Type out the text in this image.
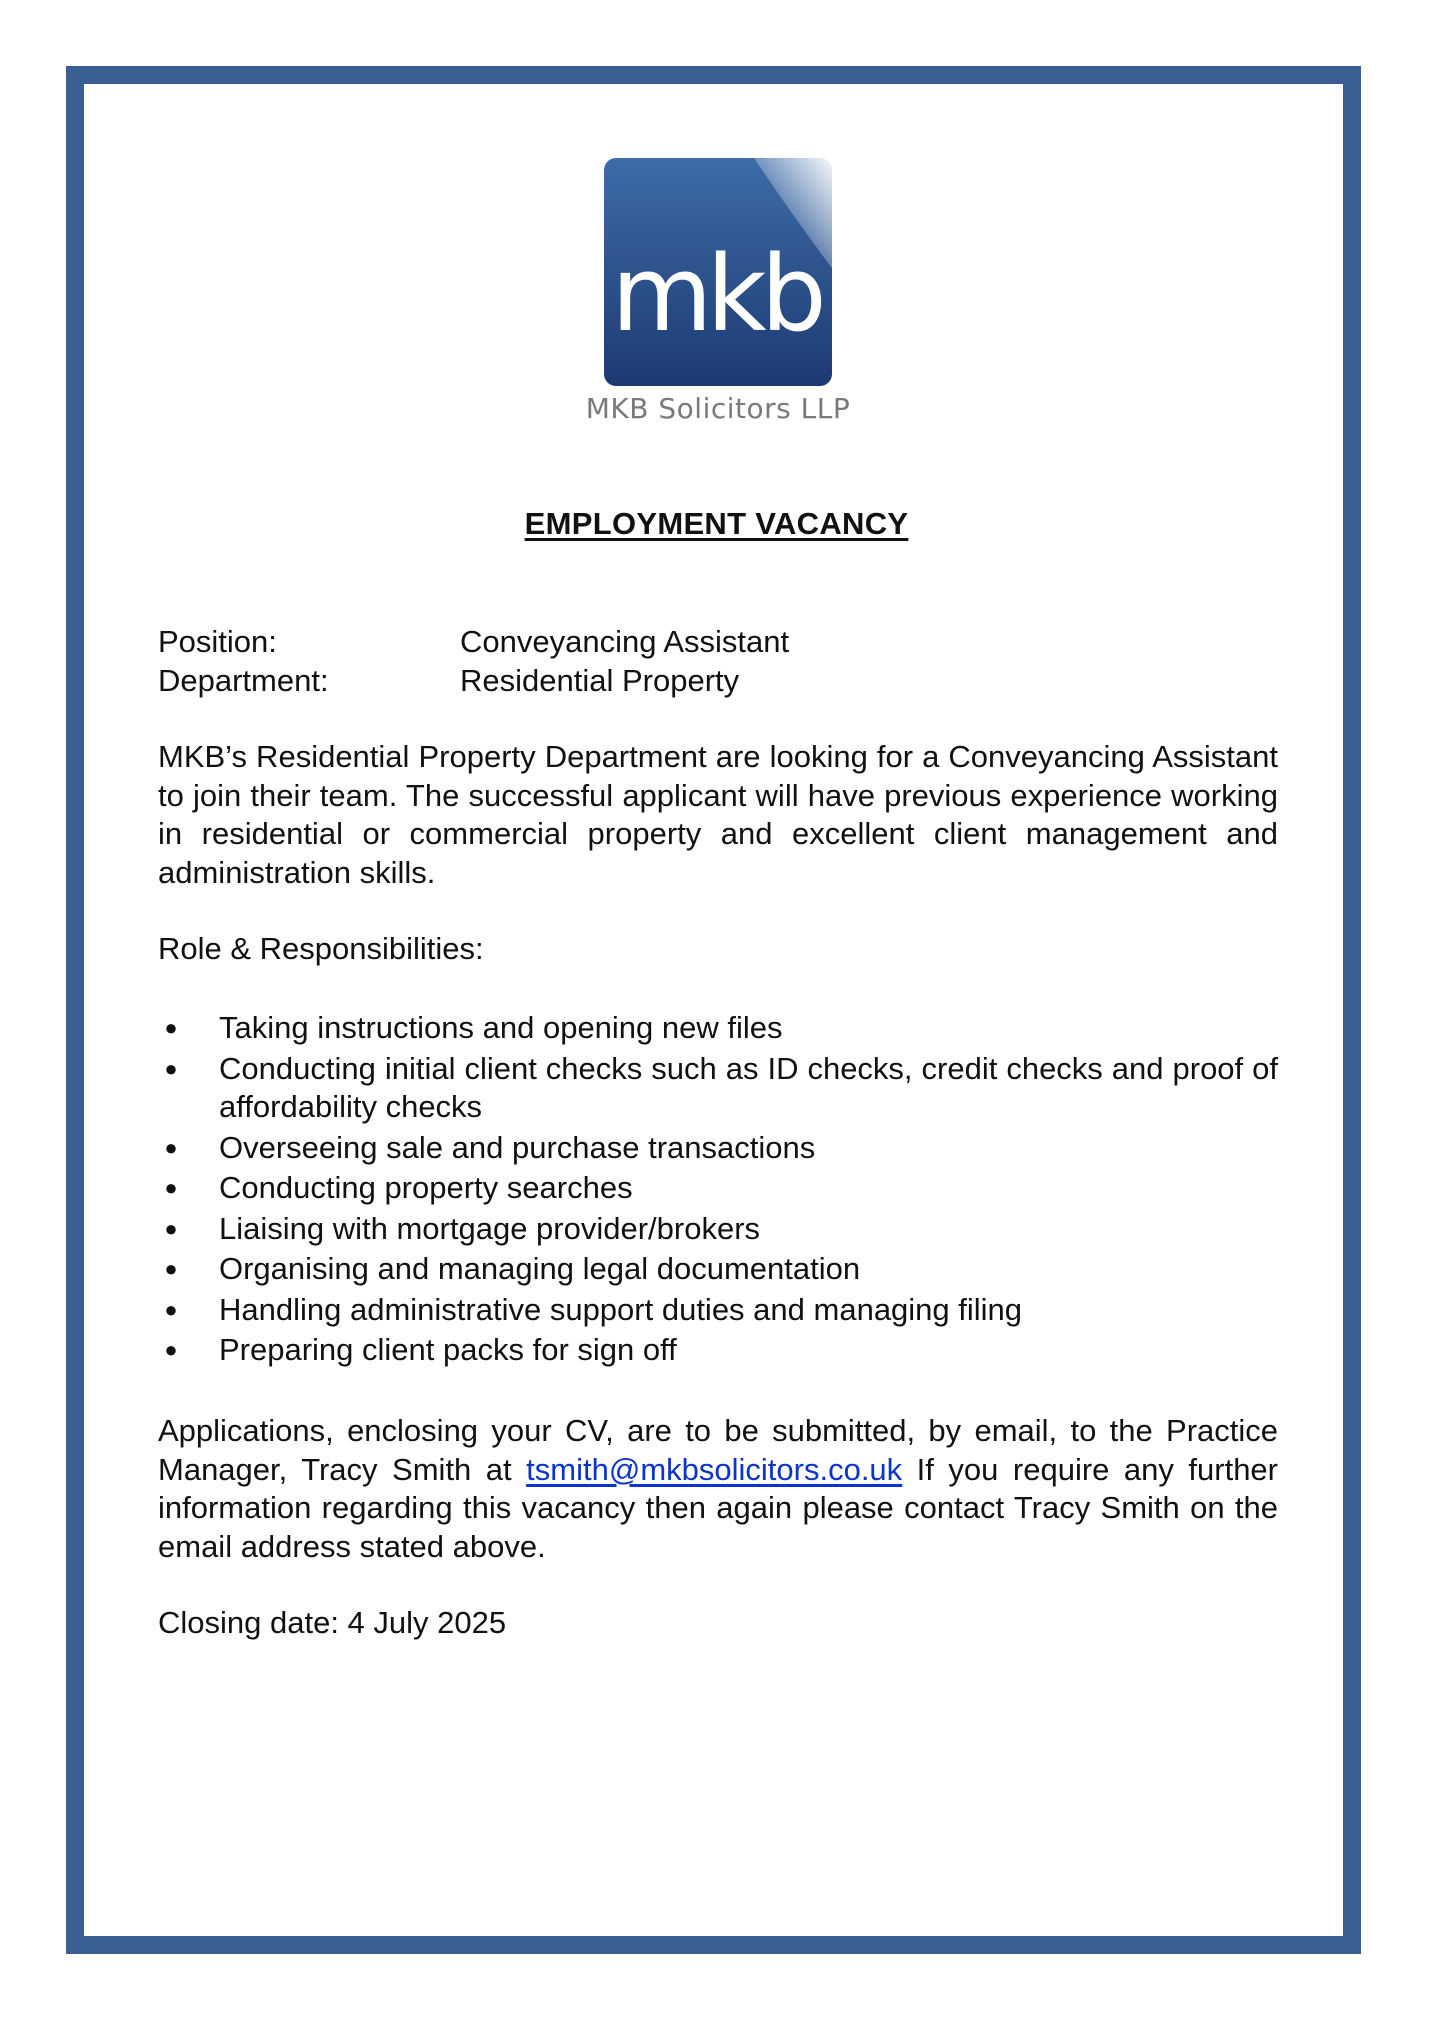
mkb
MKB Solicitors LLP
EMPLOYMENT VACANCY
Position:	Conveyancing Assistant
Department:	Residential Property

MKB’s Residential Property Department are looking for a Conveyancing Assistant to join their team. The successful applicant will have previous experience working in residential or commercial property and excellent client management and administration skills.

Role & Responsibilities:

● Taking instructions and opening new files
● Conducting initial client checks such as ID checks, credit checks and proof of affordability checks
● Overseeing sale and purchase transactions
● Conducting property searches
● Liaising with mortgage provider/brokers
● Organising and managing legal documentation
● Handling administrative support duties and managing filing
● Preparing client packs for sign off

Applications, enclosing your CV, are to be submitted, by email, to the Practice Manager, Tracy Smith at tsmith@mkbsolicitors.co.uk If you require any further information regarding this vacancy then again please contact Tracy Smith on the email address stated above.

Closing date: 4 July 2025
